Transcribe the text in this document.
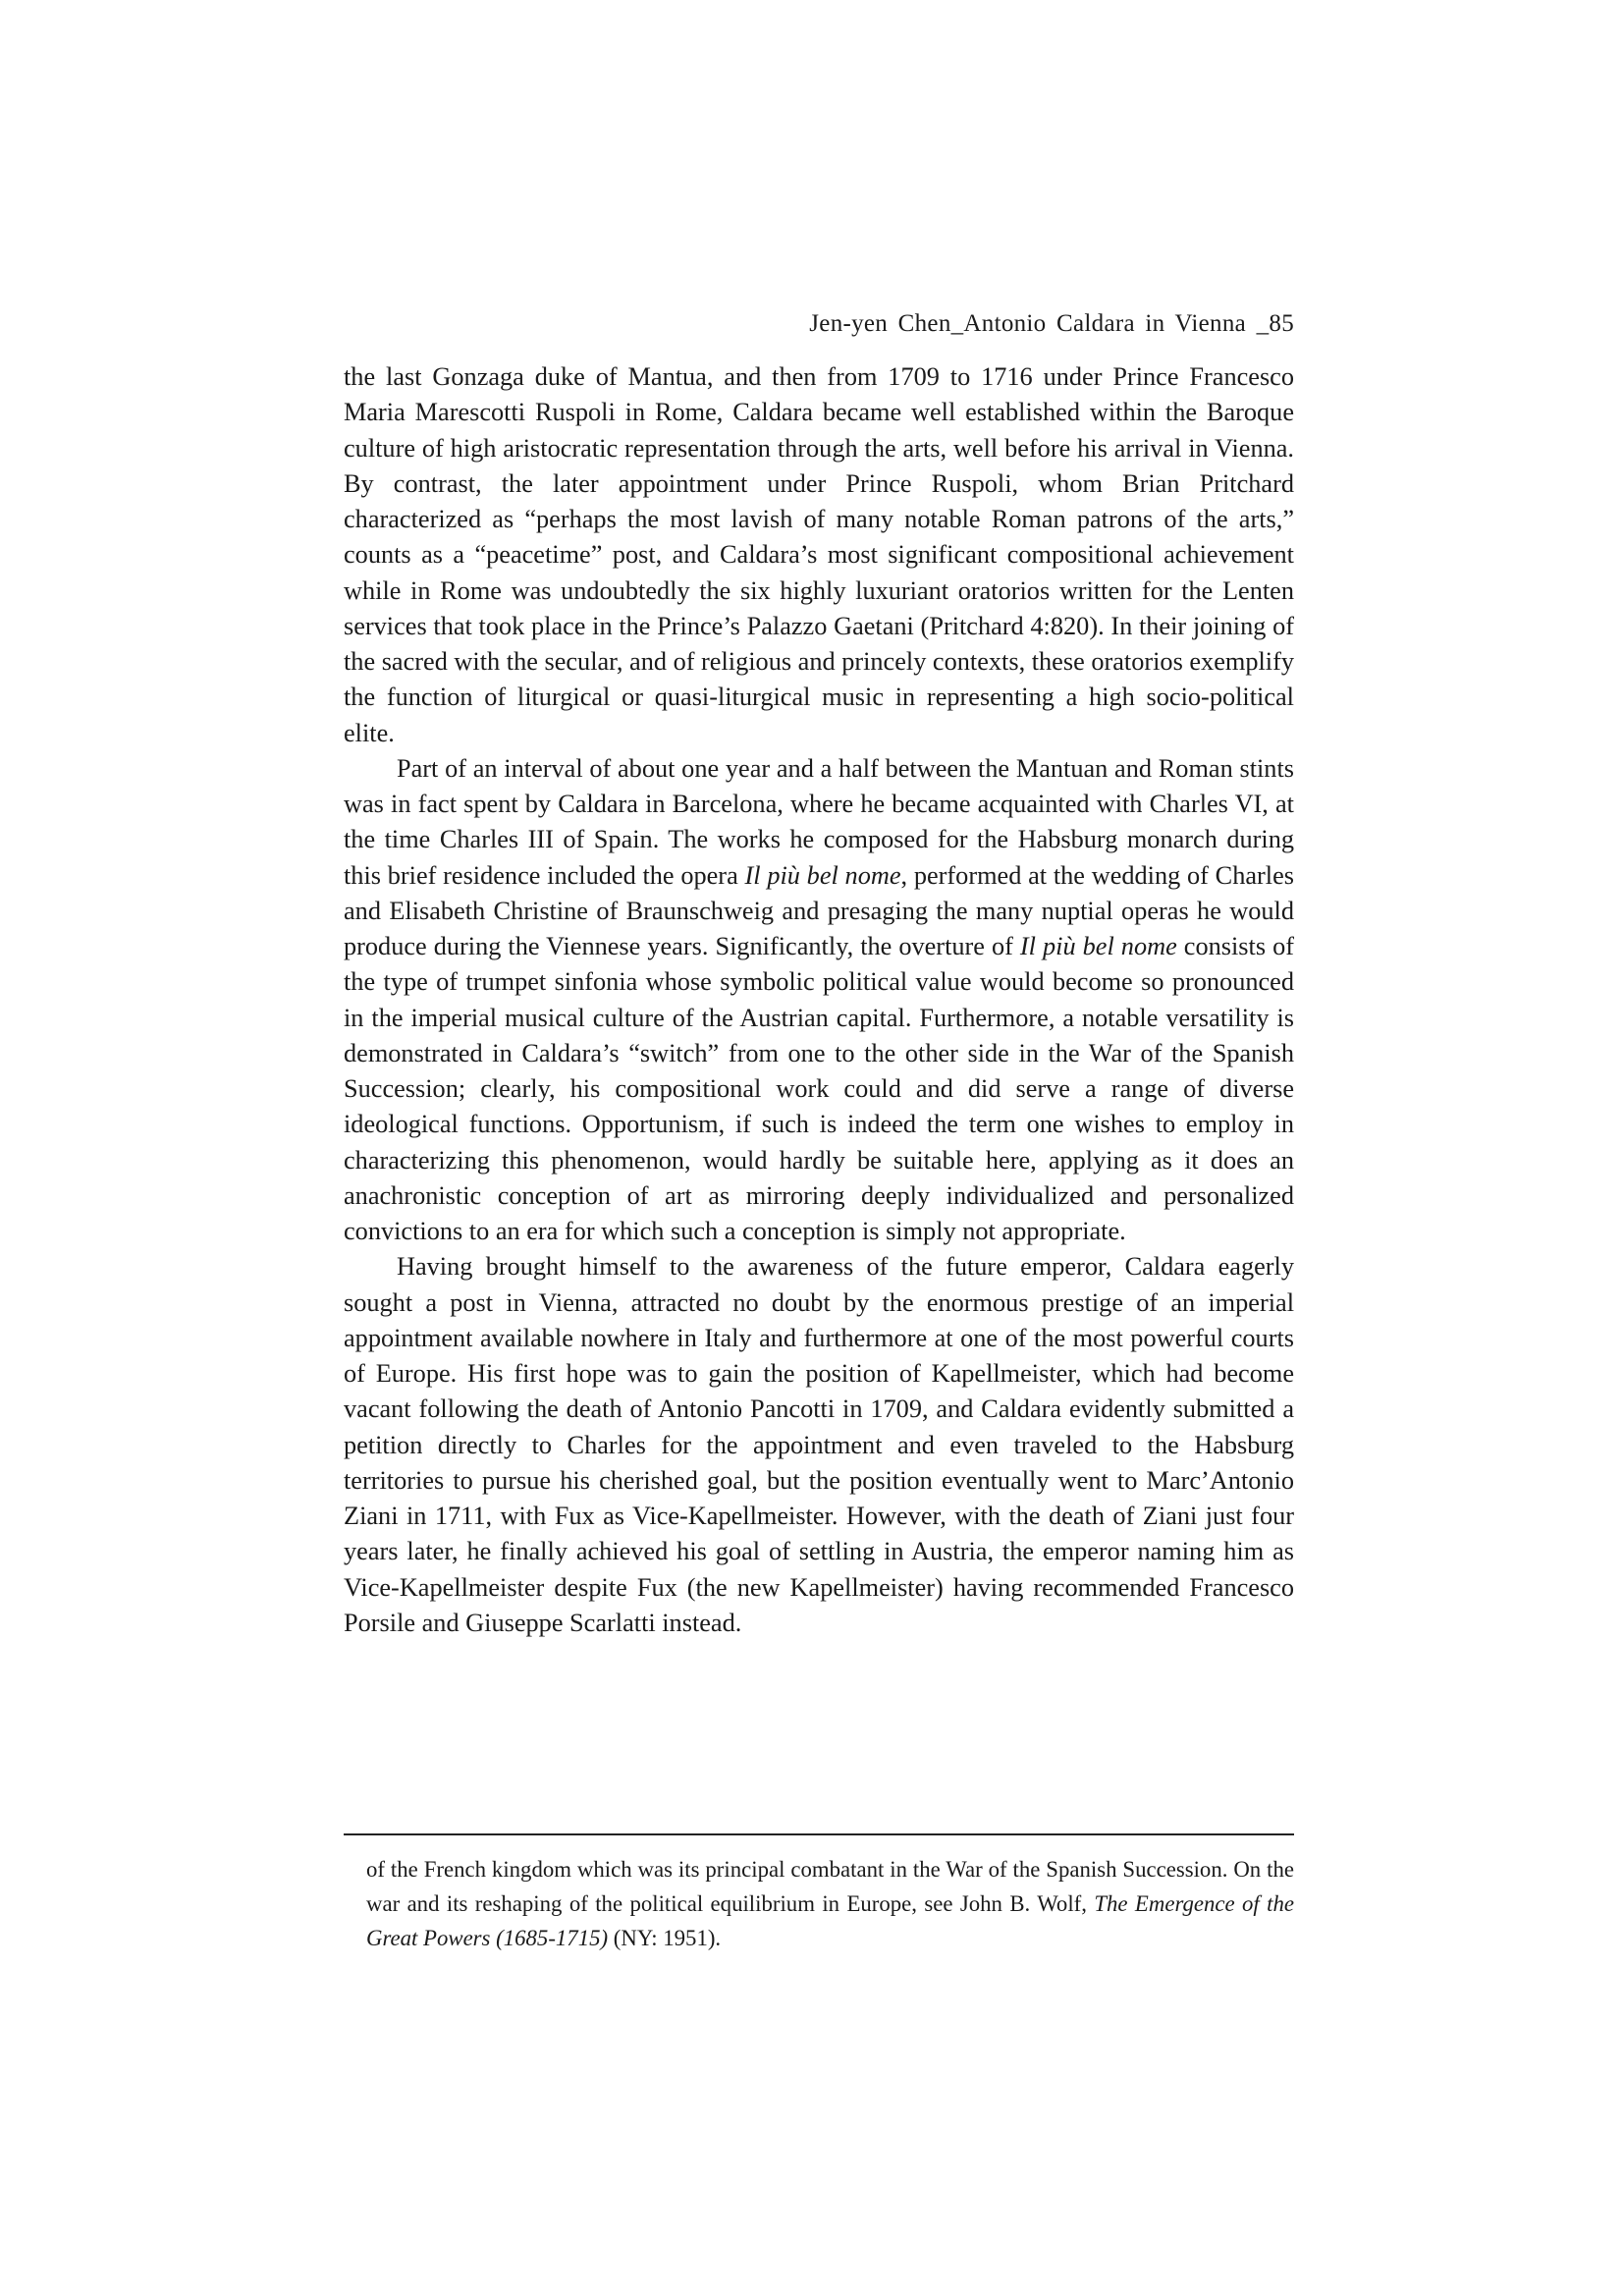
Jen-yen Chen_Antonio Caldara in Vienna _85

the last Gonzaga duke of Mantua, and then from 1709 to 1716 under Prince Francesco Maria Marescotti Ruspoli in Rome, Caldara became well established within the Baroque culture of high aristocratic representation through the arts, well before his arrival in Vienna. By contrast, the later appointment under Prince Ruspoli, whom Brian Pritchard characterized as “perhaps the most lavish of many notable Roman patrons of the arts,” counts as a “peacetime” post, and Caldara’s most significant compositional achievement while in Rome was undoubtedly the six highly luxuriant oratorios written for the Lenten services that took place in the Prince’s Palazzo Gaetani (Pritchard 4:820). In their joining of the sacred with the secular, and of religious and princely contexts, these oratorios exemplify the function of liturgical or quasi-liturgical music in representing a high socio-political elite.

Part of an interval of about one year and a half between the Mantuan and Roman stints was in fact spent by Caldara in Barcelona, where he became acquainted with Charles VI, at the time Charles III of Spain. The works he composed for the Habsburg monarch during this brief residence included the opera Il più bel nome, performed at the wedding of Charles and Elisabeth Christine of Braunschweig and presaging the many nuptial operas he would produce during the Viennese years. Significantly, the overture of Il più bel nome consists of the type of trumpet sinfonia whose symbolic political value would become so pronounced in the imperial musical culture of the Austrian capital. Furthermore, a notable versatility is demonstrated in Caldara’s “switch” from one to the other side in the War of the Spanish Succession; clearly, his compositional work could and did serve a range of diverse ideological functions. Opportunism, if such is indeed the term one wishes to employ in characterizing this phenomenon, would hardly be suitable here, applying as it does an anachronistic conception of art as mirroring deeply individualized and personalized convictions to an era for which such a conception is simply not appropriate.

Having brought himself to the awareness of the future emperor, Caldara eagerly sought a post in Vienna, attracted no doubt by the enormous prestige of an imperial appointment available nowhere in Italy and furthermore at one of the most powerful courts of Europe. His first hope was to gain the position of Kapellmeister, which had become vacant following the death of Antonio Pancotti in 1709, and Caldara evidently submitted a petition directly to Charles for the appointment and even traveled to the Habsburg territories to pursue his cherished goal, but the position eventually went to Marc’Antonio Ziani in 1711, with Fux as Vice-Kapellmeister. However, with the death of Ziani just four years later, he finally achieved his goal of settling in Austria, the emperor naming him as Vice-Kapellmeister despite Fux (the new Kapellmeister) having recommended Francesco Porsile and Giuseppe Scarlatti instead.

of the French kingdom which was its principal combatant in the War of the Spanish Succession. On the war and its reshaping of the political equilibrium in Europe, see John B. Wolf, The Emergence of the Great Powers (1685-1715) (NY: 1951).
